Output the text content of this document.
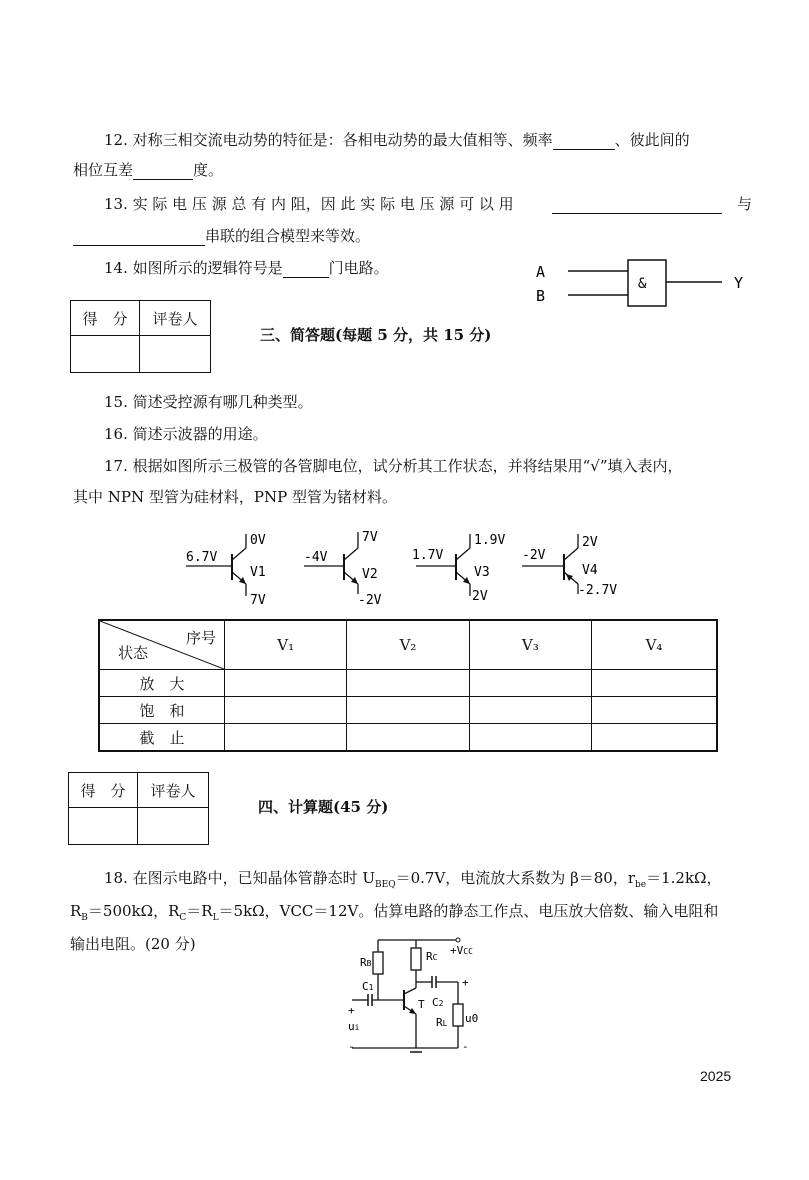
12. 对称三相交流电动势的特征是：各相电动势的最大值相等、频率	、彼此间的
相位互差	度。
13. 实 际 电 压 源 总 有 内 阻，因 此 实 际 电 压 源 可 以 用
　	与
串联的组合模型来等效。
14. 如图所示的逻辑符号是	门电路。	A
B
&	Y
得　分	评卷人

三、简答题(每题 5 分，共 15 分)
15. 简述受控源有哪几种类型。
16. 简述示波器的用途。
17. 根据如图所示三极管的各管脚电位，试分析其工作状态，并将结果用“√”填入表内，
其中 NPN 型管为硅材料，PNP 型管为锗材料。
6.7V
0V
V1
7V
-4V
7V
V2
-2V
1.7V
1.9V
V3
2V
-2V
2V
V4
-2.7V
序号
状态	V₁	V₂	V₃	V₄
放　大				
饱　和				
截　止				
得　分	评卷人

四、计算题(45 分)
18. 在图示电路中，已知晶体管静态时 $U_{BEQ}=0.7V$，电流放大系数为 β＝80，$r_{be}=1.2k\Omega$，
$R_B=500k\Omega$，$R_C=R_L=5k\Omega$，VCC＝12V。估算电路的静态工作点、电压放大倍数、输入电阻和
输出电阻。(20 分)	+VCC
RB
RC
C2
+
RL u0
-
T
C1
+
ui
-
2025
